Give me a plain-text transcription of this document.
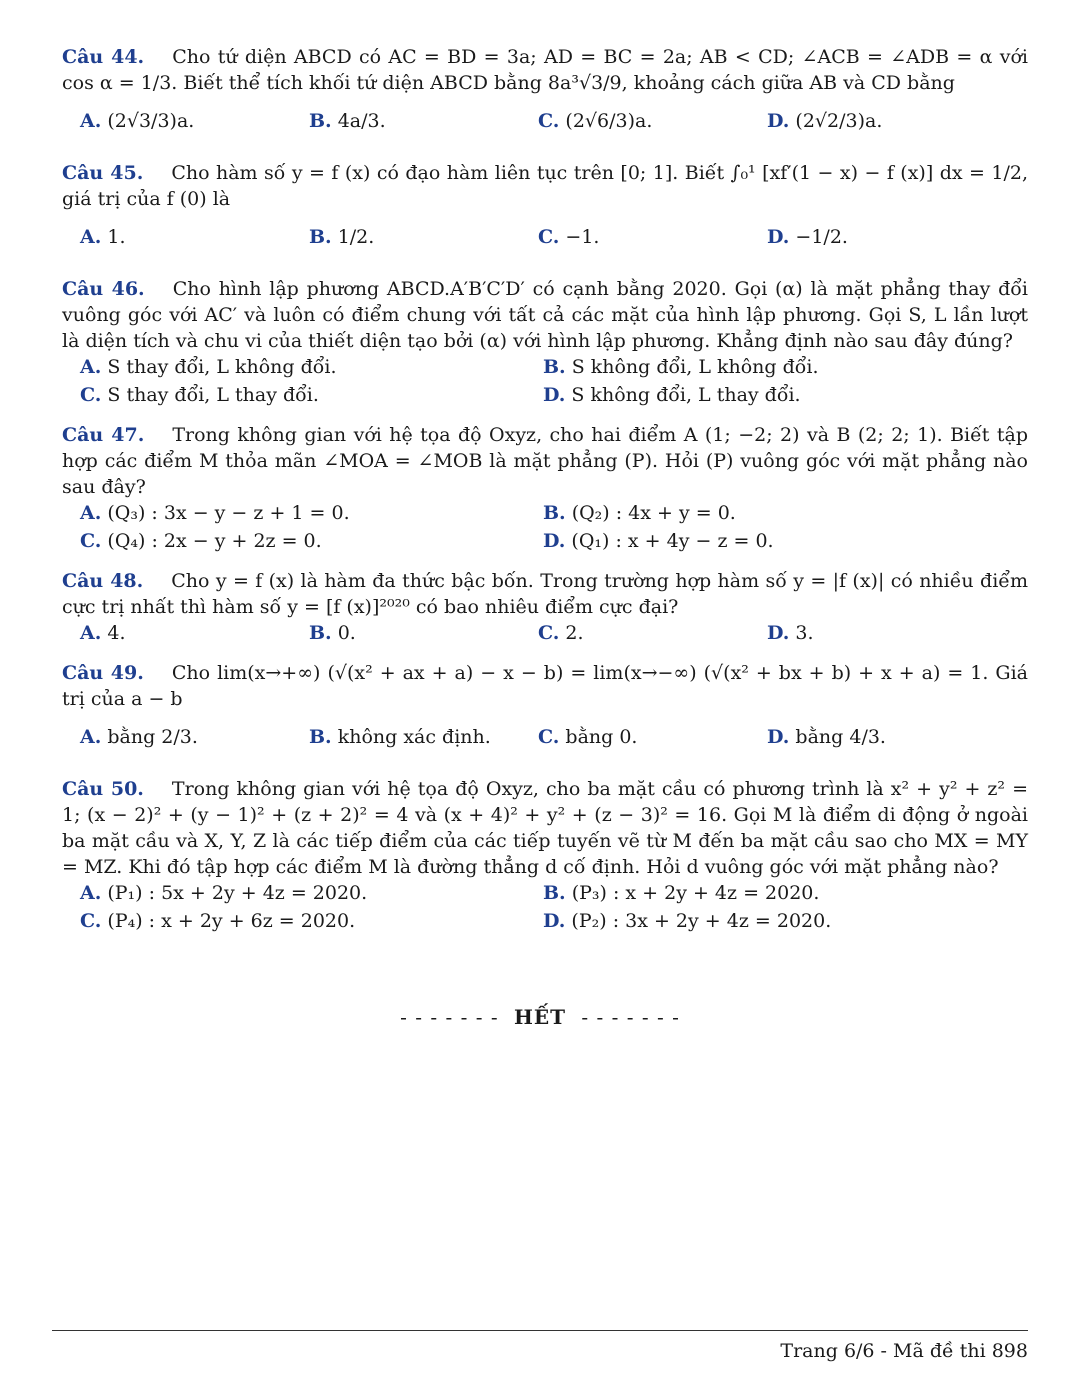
Câu 44. Cho tứ diện ABCD có AC = BD = 3a; AD = BC = 2a; AB < CD; ∠ACB = ∠ADB = α với cos α = 1/3. Biết thể tích khối tứ diện ABCD bằng 8a³√3/9, khoảng cách giữa AB và CD bằng
A. (2√3/3)a.	B. 4a/3.	C. (2√6/3)a.	D. (2√2/3)a.
Câu 45. Cho hàm số y = f (x) có đạo hàm liên tục trên [0; 1]. Biết ∫₀¹ [xf′(1 − x) − f (x)] dx = 1/2, giá trị của f (0) là
A. 1.	B. 1/2.	C. −1.	D. −1/2.
Câu 46. Cho hình lập phương ABCD.A′B′C′D′ có cạnh bằng 2020. Gọi (α) là mặt phẳng thay đổi vuông góc với AC′ và luôn có điểm chung với tất cả các mặt của hình lập phương. Gọi S, L lần lượt là diện tích và chu vi của thiết diện tạo bởi (α) với hình lập phương. Khẳng định nào sau đây đúng?
A. S thay đổi, L không đổi.	B. S không đổi, L không đổi.
C. S thay đổi, L thay đổi.	D. S không đổi, L thay đổi.
Câu 47. Trong không gian với hệ tọa độ Oxyz, cho hai điểm A (1; −2; 2) và B (2; 2; 1). Biết tập hợp các điểm M thỏa mãn ∠MOA = ∠MOB là mặt phẳng (P). Hỏi (P) vuông góc với mặt phẳng nào sau đây?
A. (Q₃) : 3x − y − z + 1 = 0.	B. (Q₂) : 4x + y = 0.
C. (Q₄) : 2x − y + 2z = 0.	D. (Q₁) : x + 4y − z = 0.
Câu 48. Cho y = f (x) là hàm đa thức bậc bốn. Trong trường hợp hàm số y = |f (x)| có nhiều điểm cực trị nhất thì hàm số y = [f (x)]²⁰²⁰ có bao nhiêu điểm cực đại?
A. 4.	B. 0.	C. 2.	D. 3.
Câu 49. Cho lim(x→+∞) (√(x² + ax + a) − x − b) = lim(x→−∞) (√(x² + bx + b) + x + a) = 1. Giá trị của a − b
A. bằng 2/3.	B. không xác định. C. bằng 0.	D. bằng 4/3.
Câu 50. Trong không gian với hệ tọa độ Oxyz, cho ba mặt cầu có phương trình là x² + y² + z² = 1; (x − 2)² + (y − 1)² + (z + 2)² = 4 và (x + 4)² + y² + (z − 3)² = 16. Gọi M là điểm di động ở ngoài ba mặt cầu và X, Y, Z là các tiếp điểm của các tiếp tuyến vẽ từ M đến ba mặt cầu sao cho MX = MY = MZ. Khi đó tập hợp các điểm M là đường thẳng d cố định. Hỏi d vuông góc với mặt phẳng nào?
A. (P₁) : 5x + 2y + 4z = 2020.	B. (P₃) : x + 2y + 4z = 2020.
C. (P₄) : x + 2y + 6z = 2020.	D. (P₂) : 3x + 2y + 4z = 2020.
- - - - - - - HẾT - - - - - - -
Trang 6/6 - Mã đề thi 898
